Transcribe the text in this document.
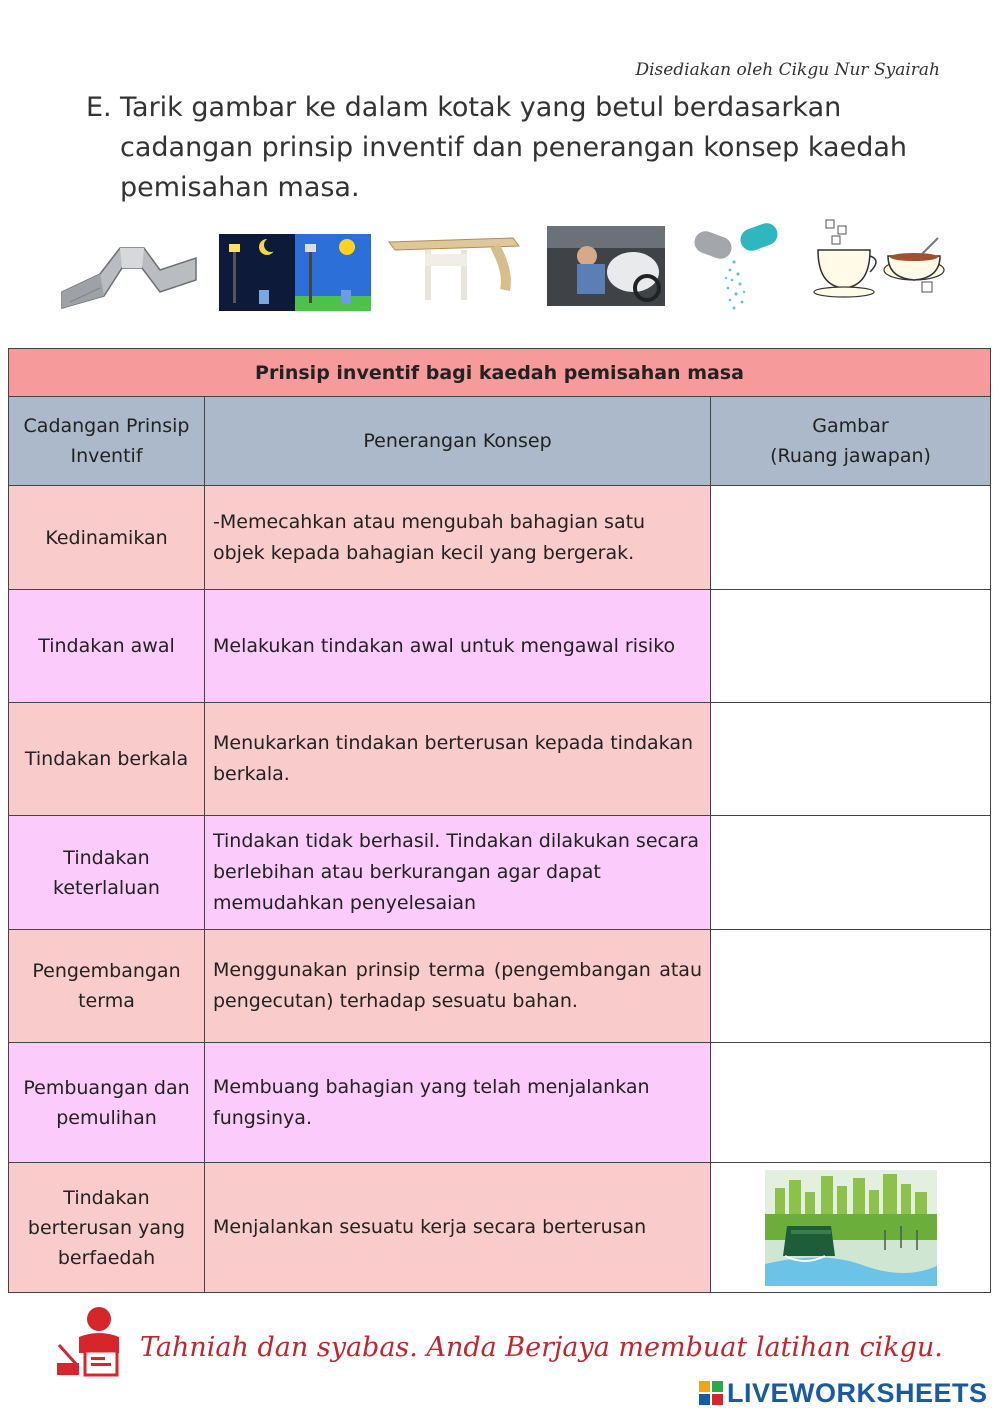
Disediakan oleh Cikgu Nur Syairah
E. Tarik gambar ke dalam kotak yang betul berdasarkan cadangan prinsip inventif dan penerangan konsep kaedah pemisahan masa.
Prinsip inventif bagi kaedah pemisahan masa		
Cadangan Prinsip Inventif	Penerangan Konsep	Gambar
(Ruang jawapan)

Kedinamikan	-Memecahkan atau mengubah bahagian satu objek kepada bahagian kecil yang bergerak.	
Tindakan awal	Melakukan tindakan awal untuk mengawal risiko	
Tindakan berkala	Menukarkan tindakan berterusan kepada tindakan berkala.	
Tindakan keterlaluan	Tindakan tidak berhasil. Tindakan dilakukan secara berlebihan atau berkurangan agar dapat memudahkan penyelesaian	
Pengembangan terma	Menggunakan prinsip terma (pengembangan atau pengecutan) terhadap sesuatu bahan.	
Pembuangan dan pemulihan	Membuang bahagian yang telah menjalankan fungsinya.	
Tindakan berterusan yang berfaedah	Menjalankan sesuatu kerja secara berterusan	
Tahniah dan syabas. Anda Berjaya membuat latihan cikgu.
LIVEWORKSHEETS
